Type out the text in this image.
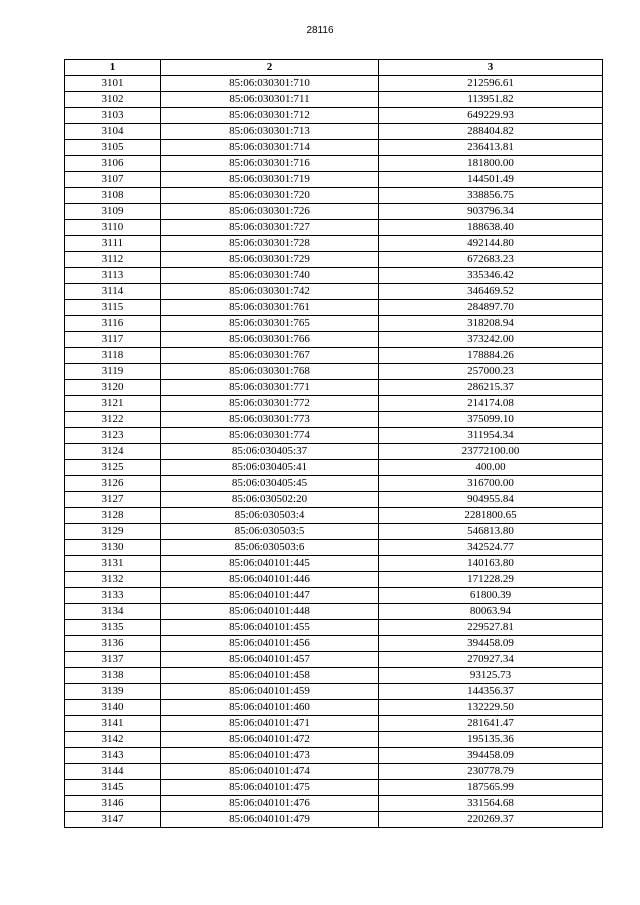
28116
1	2	3
3101	85:06:030301:710	212596.61
3102	85:06:030301:711	113951.82
3103	85:06:030301:712	649229.93
3104	85:06:030301:713	288404.82
3105	85:06:030301:714	236413.81
3106	85:06:030301:716	181800.00
3107	85:06:030301:719	144501.49
3108	85:06:030301:720	338856.75
3109	85:06:030301:726	903796.34
3110	85:06:030301:727	188638.40
3111	85:06:030301:728	492144.80
3112	85:06:030301:729	672683.23
3113	85:06:030301:740	335346.42
3114	85:06:030301:742	346469.52
3115	85:06:030301:761	284897.70
3116	85:06:030301:765	318208.94
3117	85:06:030301:766	373242.00
3118	85:06:030301:767	178884.26
3119	85:06:030301:768	257000.23
3120	85:06:030301:771	286215.37
3121	85:06:030301:772	214174.08
3122	85:06:030301:773	375099.10
3123	85:06:030301:774	311954.34
3124	85:06:030405:37	23772100.00
3125	85:06:030405:41	400.00
3126	85:06:030405:45	316700.00
3127	85:06:030502:20	904955.84
3128	85:06:030503:4	2281800.65
3129	85:06:030503:5	546813.80
3130	85:06:030503:6	342524.77
3131	85:06:040101:445	140163.80
3132	85:06:040101:446	171228.29
3133	85:06:040101:447	61800.39
3134	85:06:040101:448	80063.94
3135	85:06:040101:455	229527.81
3136	85:06:040101:456	394458.09
3137	85:06:040101:457	270927.34
3138	85:06:040101:458	93125.73
3139	85:06:040101:459	144356.37
3140	85:06:040101:460	132229.50
3141	85:06:040101:471	281641.47
3142	85:06:040101:472	195135.36
3143	85:06:040101:473	394458.09
3144	85:06:040101:474	230778.79
3145	85:06:040101:475	187565.99
3146	85:06:040101:476	331564.68
3147	85:06:040101:479	220269.37
